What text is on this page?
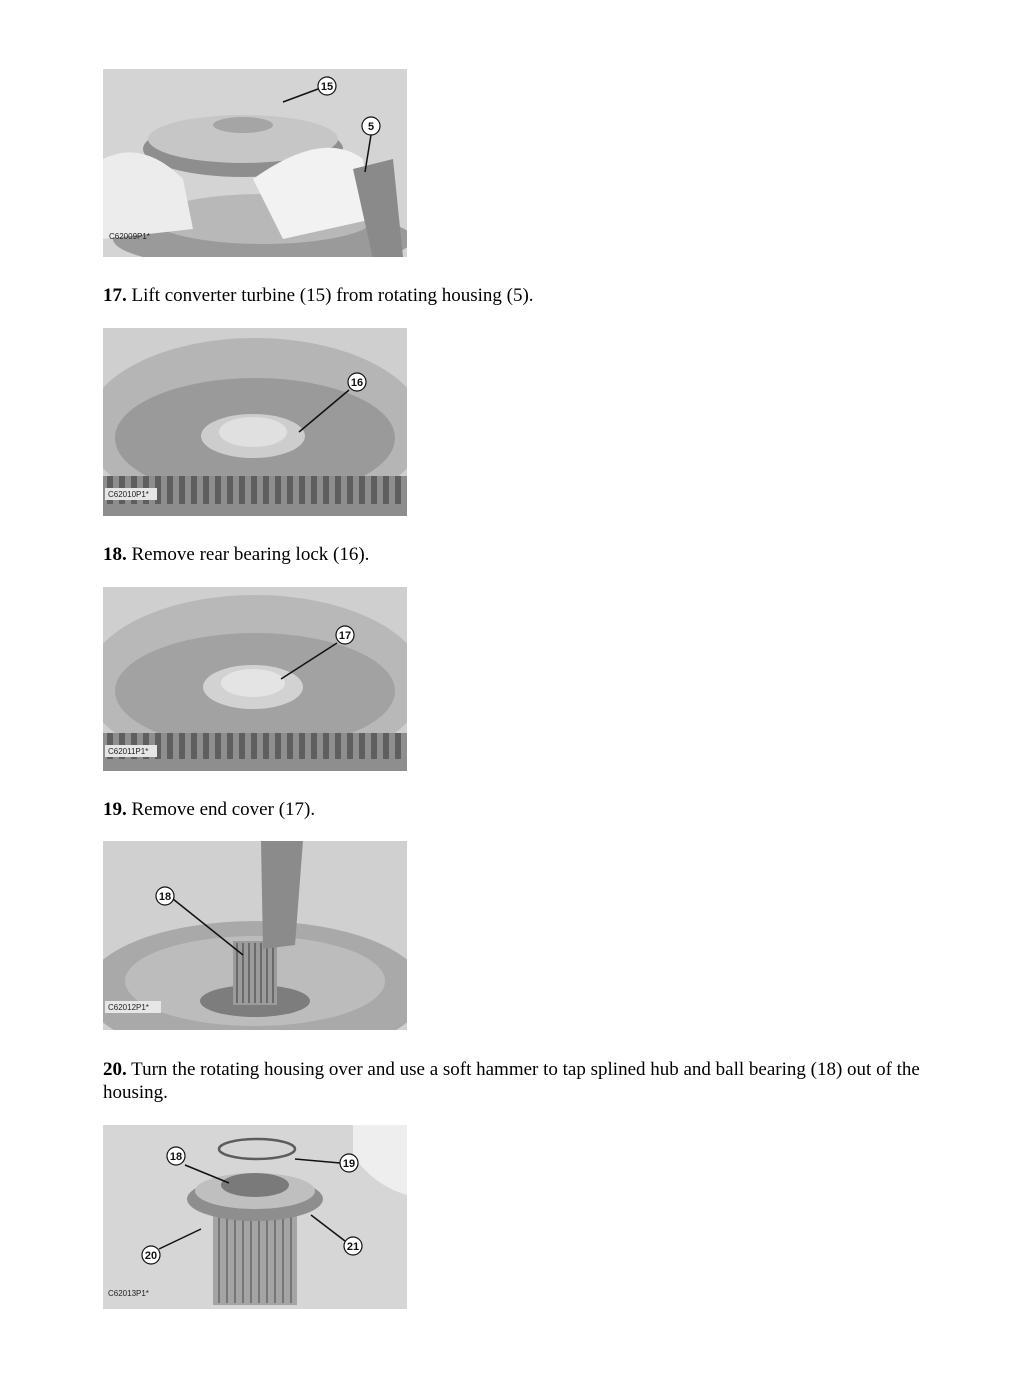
15
5
C62009P1*
17. Lift converter turbine (15) from rotating housing (5).
16
C62010P1*
18. Remove rear bearing lock (16).
17
C62011P1*
19. Remove end cover (17).
18
C62012P1*
20. Turn the rotating housing over and use a soft hammer to tap splined hub and ball bearing (18) out of the housing.
18
19
20
21
C62013P1*
